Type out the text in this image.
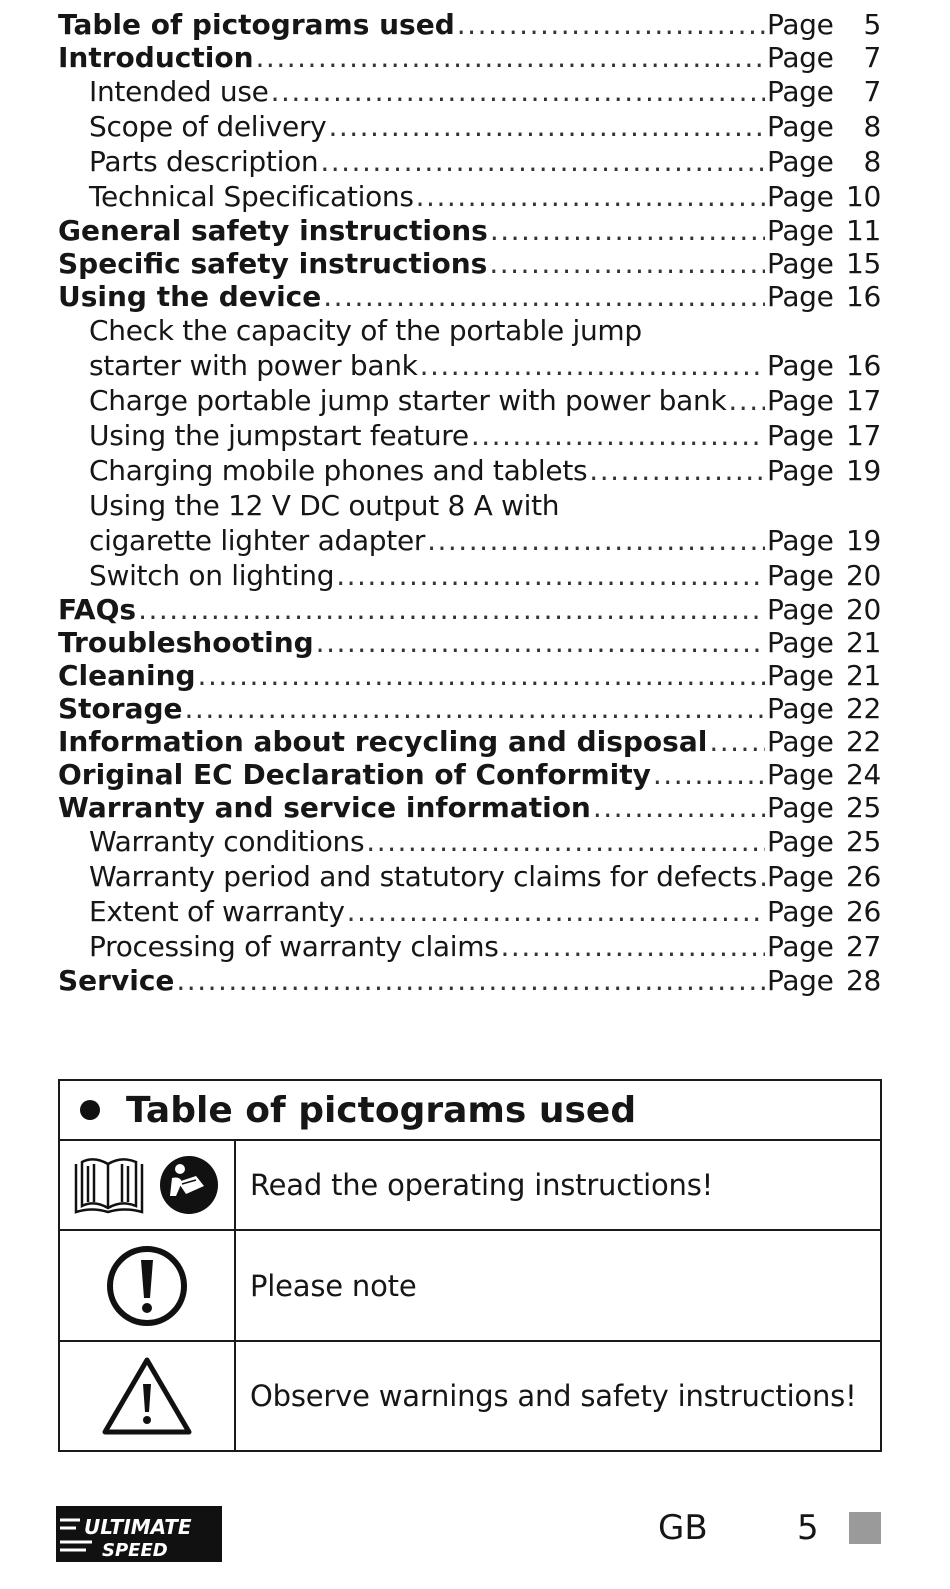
Table of pictograms used .....	Page	5
Introduction .....	Page	7
Intended use .....	Page	7
Scope of delivery .....	Page	8
Parts description .....	Page	8
Technical Specifications .....	Page 10
General safety instructions .....	Page 11
Specific safety instructions .....	Page 15
Using the device .....	Page 16
Check the capacity of the portable jump
starter with power bank .....	Page 16
Charge portable jump starter with power bank ..... Page 17
Using the jumpstart feature .....	Page 17
Charging mobile phones and tablets .....	Page 19
Using the 12 V DC output 8 A with
cigarette lighter adapter .....	Page 19
Switch on lighting .....	Page 20
FAQs .....	Page 20
Troubleshooting .....	Page 21
Cleaning .....	Page 21
Storage .....	Page 22
Information about recycling and disposal ..... Page 22
Original EC Declaration of Conformity .....	Page 24
Warranty and service information .....	Page 25
Warranty conditions .....	Page 25
Warranty period and statutory claims for defects ..... Page 26
Extent of warranty .....	Page 26
Processing of warranty claims .....	Page 27
Service .....	Page 28
Table of pictograms used
Read the operating instructions!
Please note
Observe warnings and safety instructions!
ULTIMATE
SPEED
GB	5
